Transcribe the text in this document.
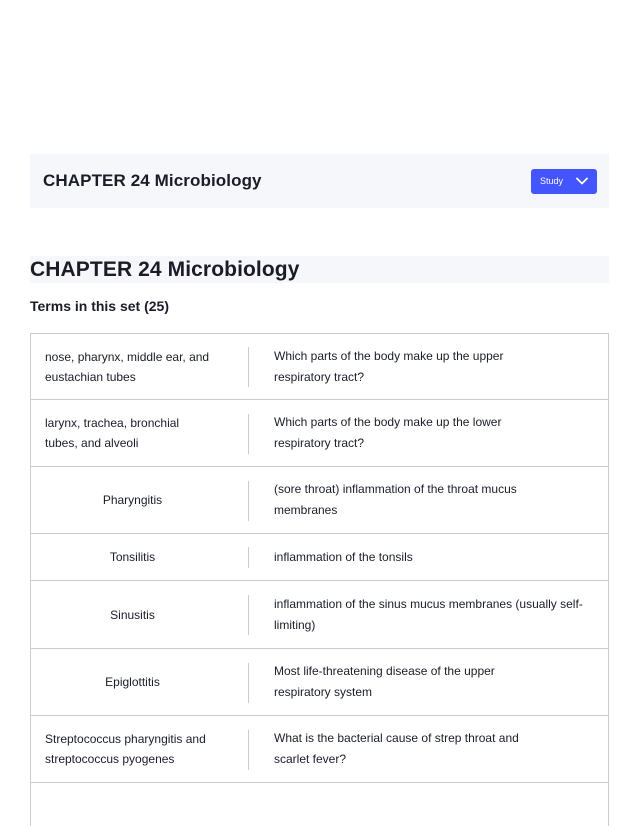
CHAPTER 24 Microbiology	Study
CHAPTER 24 Microbiology
Terms in this set (25)
nose, pharynx, middle ear, and eustachian tubes
Which parts of the body make up the upper respiratory tract?
larynx, trachea, bronchial tubes, and alveoli
Which parts of the body make up the lower respiratory tract?
Pharyngitis
(sore throat) inflammation of the throat mucus membranes
Tonsilitis	inflammation of the tonsils
Sinusitis
inflammation of the sinus mucus membranes (usually self-limiting)
Epiglottitis
Most life-threatening disease of the upper respiratory system
Streptococcus pharyngitis and streptococcus pyogenes
What is the bacterial cause of strep throat and scarlet fever?
